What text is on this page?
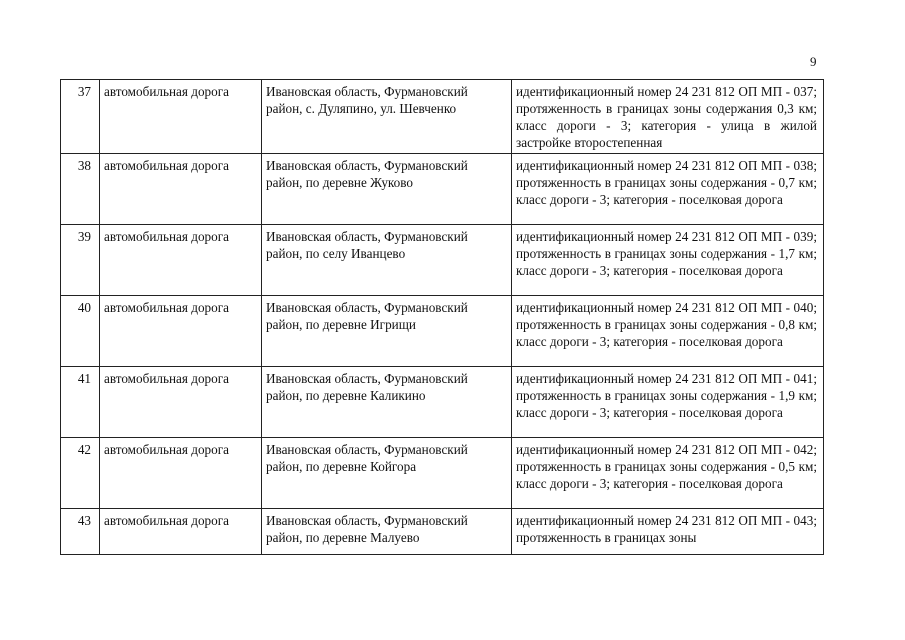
9
37	автомобильная дорога	Ивановская область, Фурмановский район, с. Дуляпино, ул. Шевченко	идентификационный номер 24 231 812 ОП МП - 037; протяженность в границах зоны содержания 0,3 км; класс дороги - 3; категория - улица в жилой застройке второстепенная
38	автомобильная дорога	Ивановская область, Фурмановский район, по деревне Жуково	идентификационный номер 24 231 812 ОП МП - 038; протяженность в границах зоны содержания - 0,7 км; класс дороги - 3; категория - поселковая дорога
39	автомобильная дорога	Ивановская область, Фурмановский район, по селу Иванцево	идентификационный номер 24 231 812 ОП МП - 039; протяженность в границах зоны содержания - 1,7 км; класс дороги - 3; категория - поселковая дорога
40	автомобильная дорога	Ивановская область, Фурмановский район, по деревне Игрищи	идентификационный номер 24 231 812 ОП МП - 040; протяженность в границах зоны содержания - 0,8 км; класс дороги - 3; категория - поселковая дорога
41	автомобильная дорога	Ивановская область, Фурмановский район, по деревне Каликино	идентификационный номер 24 231 812 ОП МП - 041; протяженность в границах зоны содержания - 1,9 км; класс дороги - 3; категория - поселковая дорога
42	автомобильная дорога	Ивановская область, Фурмановский район, по деревне Койгора	идентификационный номер 24 231 812 ОП МП - 042; протяженность в границах зоны содержания - 0,5 км; класс дороги - 3; категория - поселковая дорога
43	автомобильная дорога	Ивановская область, Фурмановский район, по деревне Малуево	идентификационный номер 24 231 812 ОП МП - 043; протяженность в границах зоны
